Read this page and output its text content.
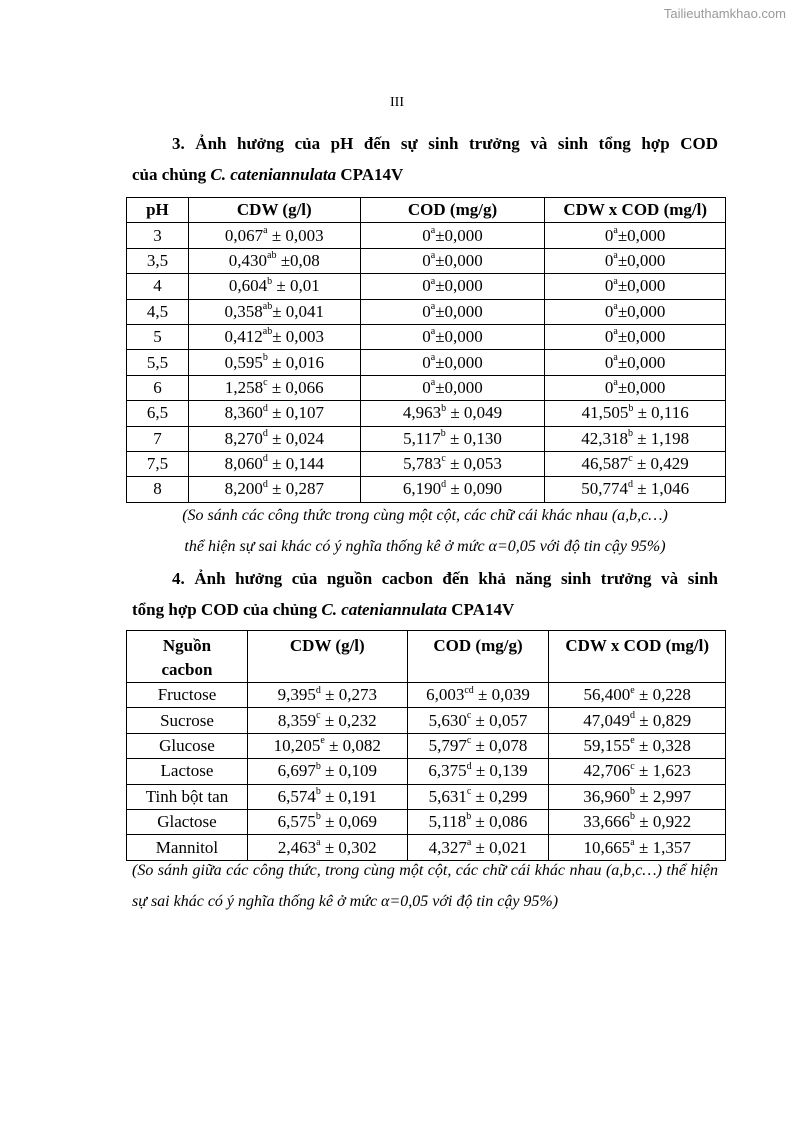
Tailieuthamkhao.com
III
3. Ảnh hưởng của pH đến sự sinh trưởng và sinh tổng hợp COD
của chủng C. cateniannulata CPA14V
pH	CDW (g/l)	COD (mg/g)	CDW x COD (mg/l)
3	0,067$^a$ ± 0,003	$0^a\pm 0,000$	$0^a\pm 0,000$
3,5	0,430$^{ab}$ ±0,08	$0^a\pm 0,000$	$0^a\pm 0,000$
4	0,604$^b$ ± 0,01	$0^a\pm 0,000$	$0^a\pm 0,000$
4,5	0,358$^{ab}$± 0,041	$0^a\pm 0,000$	$0^a\pm 0,000$
5	0,412$^{ab}$± 0,003	$0^a\pm 0,000$	$0^a\pm 0,000$
5,5	0,595$^b$ ± 0,016	$0^a\pm 0,000$	$0^a\pm 0,000$
6	1,258$^c$ ± 0,066	$0^a\pm 0,000$	$0^a\pm 0,000$
6,5	8,360$^d$ ± 0,107	4,963$^b$ ± 0,049	41,505$^b$ ± 0,116
7	8,270$^d$ ± 0,024	5,117$^b$ ± 0,130	42,318$^b$ ± 1,198
7,5	8,060$^d$ ± 0,144	5,783$^c$ ± 0,053	46,587$^c$ ± 0,429
8	8,200$^d$ ± 0,287	6,190$^d$ ± 0,090	50,774$^d$ ± 1,046
(So sánh các công thức trong cùng một cột, các chữ cái khác nhau (a,b,c…)
thể hiện sự sai khác có ý nghĩa thống kê ở mức α=0,05 với độ tin cậy 95%)
4. Ảnh hưởng của nguồn cacbon đến khả năng sinh trưởng và sinh
tổng hợp COD của chủng C. cateniannulata CPA14V
Nguồn cacbon	CDW (g/l)	COD (mg/g)	CDW x COD (mg/l)
Fructose	9,395$^d$ ± 0,273	6,003$^{cd}$ ± 0,039	56,400$^e$ ± 0,228
Sucrose	8,359$^c$ ± 0,232	5,630$^c$ ± 0,057	47,049$^d$ ± 0,829
Glucose	10,205$^e$ ± 0,082	5,797$^c$ ± 0,078	59,155$^e$ ± 0,328
Lactose	6,697$^b$ ± 0,109	6,375$^d$ ± 0,139	42,706$^c$ ± 1,623
Tinh bột tan	6,574$^b$ ± 0,191	5,631$^c$ ± 0,299	36,960$^b$ ± 2,997
Glactose	6,575$^b$ ± 0,069	5,118$^b$ ± 0,086	33,666$^b$ ± 0,922
Mannitol	2,463$^a$ ± 0,302	4,327$^a$ ± 0,021	10,665$^a$ ± 1,357
(So sánh giữa các công thức, trong cùng một cột, các chữ cái khác nhau (a,b,c…) thể hiện sự sai khác có ý nghĩa thống kê ở mức α=0,05 với độ tin cậy 95%)
